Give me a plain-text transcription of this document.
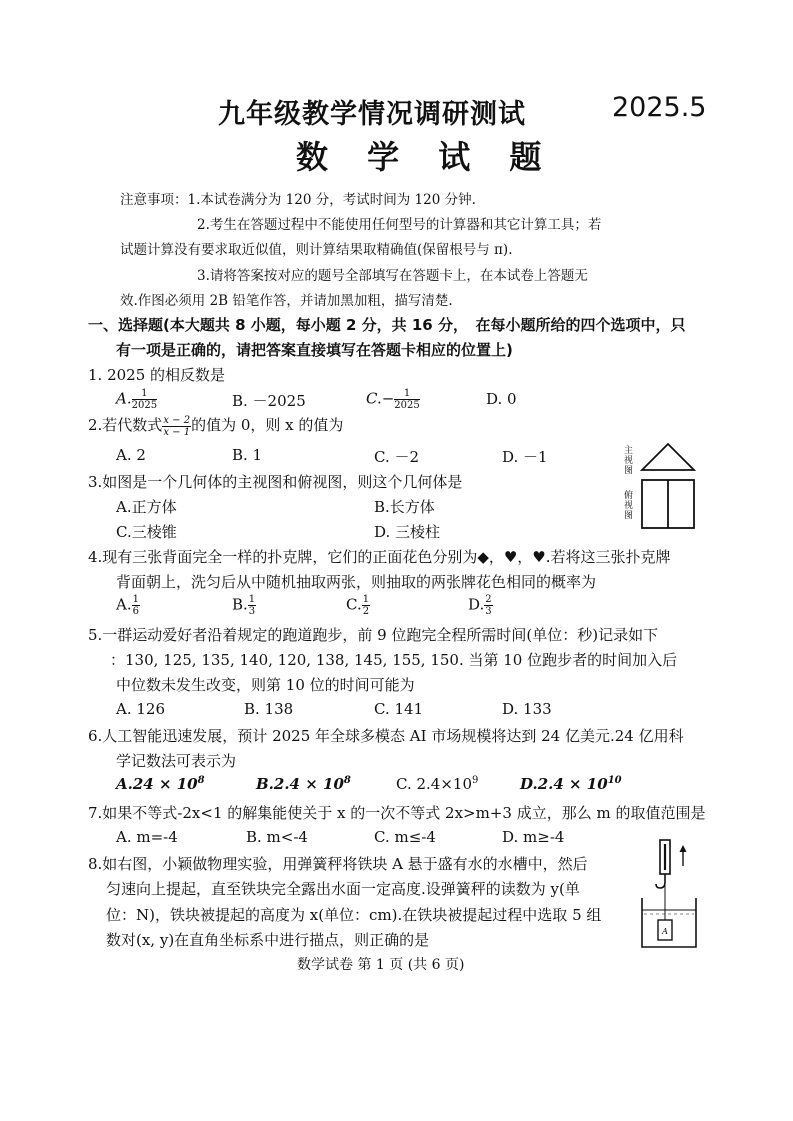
九年级教学情况调研测试	2025.5
数 学 试 题
注意事项：1.本试卷满分为 120 分，考试时间为 120 分钟.
2.考生在答题过程中不能使用任何型号的计算器和其它计算工具；若
试题计算没有要求取近似值，则计算结果取精确值(保留根号与 π).
3.请将答案按对应的题号全部填写在答题卡上，在本试卷上答题无
效.作图必须用 2B 铅笔作答，并请加黑加粗，描写清楚.
一、选择题(本大题共 8 小题，每小题 2 分，共 16 分，　在每小题所给的四个选项中，只
有一项是正确的，请把答案直接填写在答题卡相应的位置上)
1. 2025 的相反数是
A. $\frac{1}{2025}$	B. －2025	$C.- \frac{1}{2025}$	D. 0
2.若代数式 $\frac{x - 2}{x - 1}$ 的值为 0，则 x 的值为
A. 2	B. 1	C. －2	D. －1
3.如图是一个几何体的主视图和俯视图，则这个几何体是
A.正方体	B.长方体
C.三棱锥	D. 三棱柱
主视图
俯视图
4.现有三张背面完全一样的扑克牌，它们的正面花色分别为◆，♥，♥.若将这三张扑克牌
背面朝上，洗匀后从中随机抽取两张，则抽取的两张牌花色相同的概率为
A. $\frac{1}{6}$	B. $\frac{1}{3}$	C. $\frac{1}{2}$	D. $\frac{2}{3}$
5.一群运动爱好者沿着规定的跑道跑步，前 9 位跑完全程所需时间(单位：秒)记录如下
：130, 125, 135, 140, 120, 138, 145, 155, 150. 当第 10 位跑步者的时间加入后
中位数未发生改变，则第 10 位的时间可能为
A. 126	B. 138	C. 141	D. 133
6.人工智能迅速发展，预计 2025 年全球多模态 AI 市场规模将达到 24 亿美元.24 亿用科
学记数法可表示为
$A.24 \times 10^8$	$B.2.4 \times 10^8$	C. $2.4\times 10^9$	$D.2.4 \times 10^{10}$
7.如果不等式-2x<1 的解集能使关于 x 的一次不等式 2x>m+3 成立，那么 m 的取值范围是
A. m=-4	B. m<-4	C. m≤-4	D. m≥-4
8.如右图，小颖做物理实验，用弹簧秤将铁块 A 悬于盛有水的水槽中，然后
匀速向上提起，直至铁块完全露出水面一定高度.设弹簧秤的读数为 y(单
位：N)，铁块被提起的高度为 x(单位：cm).在铁块被提起过程中选取 5 组
数对(x, y)在直角坐标系中进行描点，则正确的是	A
数学试卷 第 1 页 (共 6 页)
